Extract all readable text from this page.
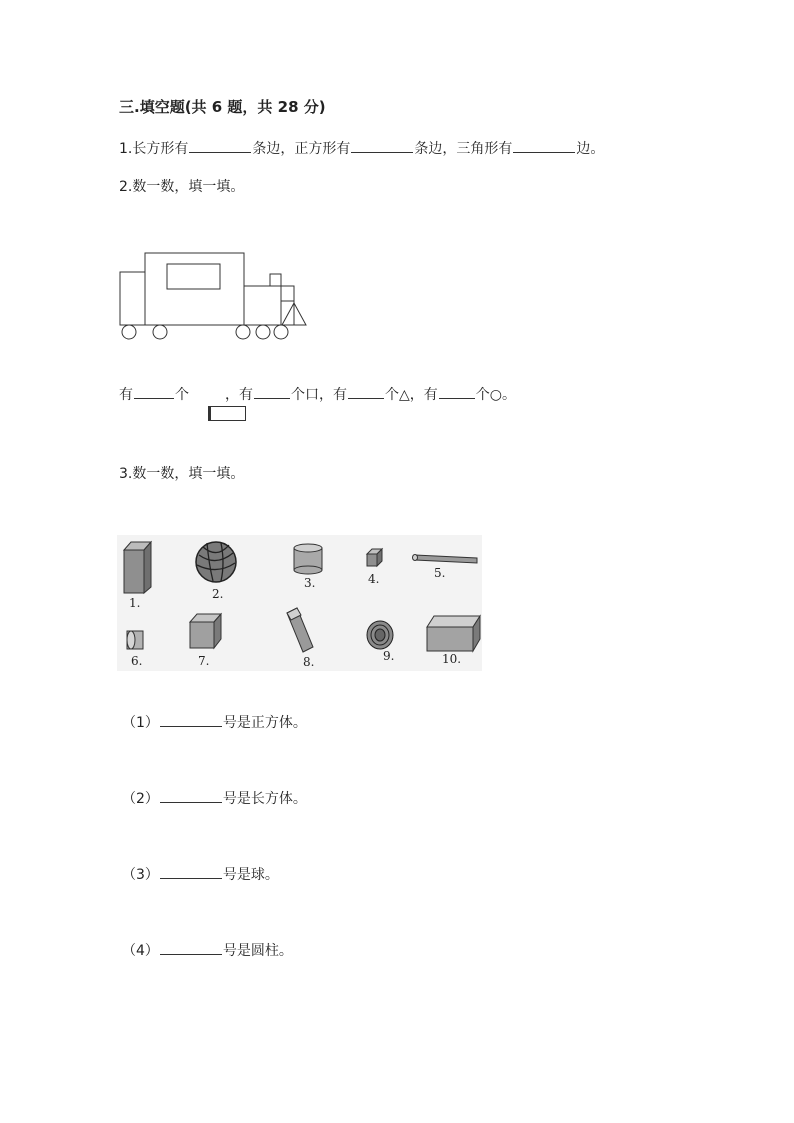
三.填空题(共 6 题，共 28 分)
1.长方形有	条边，正方形有	条边，三角形有	边。
2.数一数，填一填。
有	个	，有	个口，有	个△，有	个○。
3.数一数，填一填。
1.
2.
3.	4.	5.
6.	7.	8.	9.	10.
（1）	号是正方体。
（2）	号是长方体。
（3）	号是球。
（4）	号是圆柱。
